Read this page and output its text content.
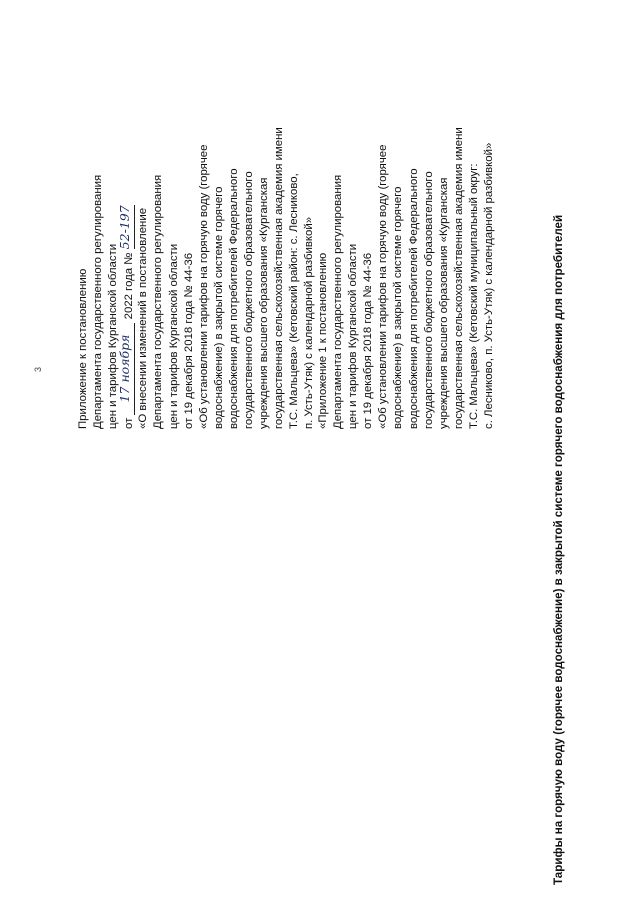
3	Приложение к постановлению Департамента государственного регулирования цен и тарифов Курганской области от 17 ноября 2022 года № 52-197 «О внесении изменений в постановление Департамента государственного регулирования цен и тарифов Курганской области от 19 декабря 2018 года № 44-36 «Об установлении тарифов на горячую воду (горячее водоснабжение) в закрытой системе горячего водоснабжения для потребителей Федерального государственного бюджетного образовательного учреждения высшего образования «Курганская государственная сельскохозяйственная академия имени Т.С. Мальцева» (Кетовский район: с. Лесниково, п. Усть-Утяк) с календарной разбивкой» «Приложение 1 к постановлению Департамента государственного регулирования цен и тарифов Курганской области от 19 декабря 2018 года № 44-36 «Об установлении тарифов на горячую воду (горячее водоснабжение) в закрытой системе горячего водоснабжения для потребителей Федерального государственного бюджетного образовательного учреждения высшего образования «Курганская государственная сельскохозяйственная академия имени Т.С. Мальцева» (Кетовский муниципальный округ: с. Лесниково, п. Усть-Утяк) с календарной разбивкой»	Тарифы на горячую воду (горячее водоснабжение) в закрытой системе горячего водоснабжения для потребителей
